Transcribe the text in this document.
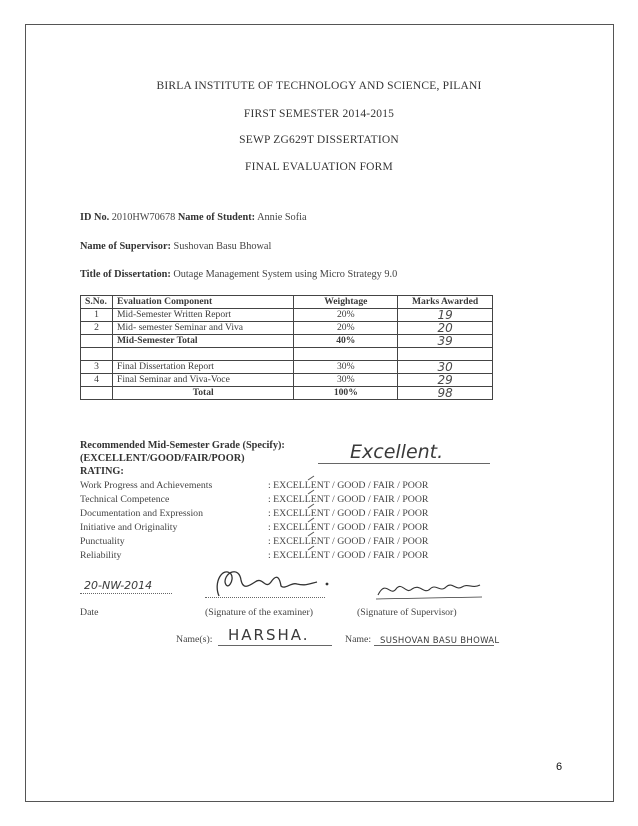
BIRLA INSTITUTE OF TECHNOLOGY AND SCIENCE, PILANI
FIRST SEMESTER 2014-2015
SEWP ZG629T DISSERTATION
FINAL EVALUATION FORM
ID No. 2010HW70678 Name of Student: Annie Sofia
Name of Supervisor: Sushovan Basu Bhowal
Title of Dissertation: Outage Management System using Micro Strategy 9.0
S.No.	Evaluation Component	Weightage	Marks Awarded
1	Mid-Semester Written Report	20%	19
2	Mid- semester Seminar and Viva	20%	20
	Mid-Semester Total	40%	39

3	Final Dissertation Report	30%	30
4	Final Seminar and Viva-Voce	30%	29
	Total	100%	98
Recommended Mid-Semester Grade (Specify):
(EXCELLENT/GOOD/FAIR/POOR)	Excellent.
RATING:
Work Progress and Achievements	: EXCELLENT / GOOD / FAIR / POOR
Technical Competence	: EXCELLENT / GOOD / FAIR / POOR
Documentation and Expression	: EXCELLENT / GOOD / FAIR / POOR
Initiative and Originality	: EXCELLENT / GOOD / FAIR / POOR
Punctuality	: EXCELLENT / GOOD / FAIR / POOR
Reliability	: EXCELLENT / GOOD / FAIR / POOR
20-NW-2014
Date	(Signature of the examiner)	(Signature of Supervisor)
Name(s): HARSHA.	Name: SUSHOVAN BASU BHOWAL
6
